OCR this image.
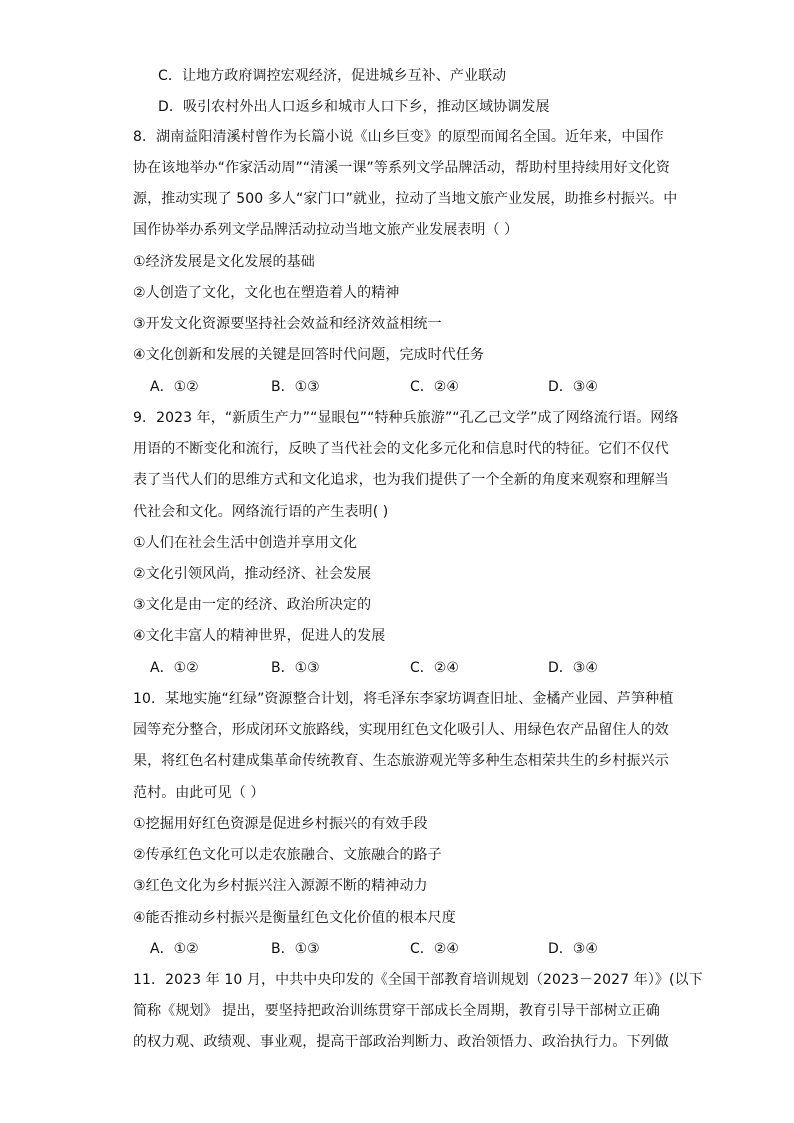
C．让地方政府调控宏观经济，促进城乡互补、产业联动
D．吸引农村外出人口返乡和城市人口下乡，推动区域协调发展
8．湖南益阳清溪村曾作为长篇小说《山乡巨变》的原型而闻名全国。近年来，中国作
协在该地举办“作家活动周”“清溪一课”等系列文学品牌活动，帮助村里持续用好文化资
源，推动实现了 500 多人“家门口”就业，拉动了当地文旅产业发展，助推乡村振兴。中
国作协举办系列文学品牌活动拉动当地文旅产业发展表明（ ）
①经济发展是文化发展的基础
②人创造了文化，文化也在塑造着人的精神
③开发文化资源要坚持社会效益和经济效益相统一
④文化创新和发展的关键是回答时代问题，完成时代任务
A．①②	B．①③	C．②④	D．③④
9．2023 年，“新质生产力”“显眼包”“特种兵旅游”“孔乙己文学”成了网络流行语。网络
用语的不断变化和流行，反映了当代社会的文化多元化和信息时代的特征。它们不仅代
表了当代人们的思维方式和文化追求，也为我们提供了一个全新的角度来观察和理解当
代社会和文化。网络流行语的产生表明( )
①人们在社会生活中创造并享用文化
②文化引领风尚，推动经济、社会发展
③文化是由一定的经济、政治所决定的
④文化丰富人的精神世界，促进人的发展
A．①②	B．①③	C．②④	D．③④
10．某地实施“红绿”资源整合计划，将毛泽东李家坊调查旧址、金橘产业园、芦笋种植
园等充分整合，形成闭环文旅路线，实现用红色文化吸引人、用绿色农产品留住人的效
果，将红色名村建成集革命传统教育、生态旅游观光等多种生态相荣共生的乡村振兴示
范村。由此可见（ ）
①挖掘用好红色资源是促进乡村振兴的有效手段
②传承红色文化可以走农旅融合、文旅融合的路子
③红色文化为乡村振兴注入源源不断的精神动力
④能否推动乡村振兴是衡量红色文化价值的根本尺度
A．①②	B．①③	C．②④	D．③④
11．2023 年 10 月，中共中央印发的《全国干部教育培训规划（2023－2027 年）》(以下
简称《规划》 提出，要坚持把政治训练贯穿干部成长全周期，教育引导干部树立正确
的权力观、政绩观、事业观，提高干部政治判断力、政治领悟力、政治执行力。下列做
